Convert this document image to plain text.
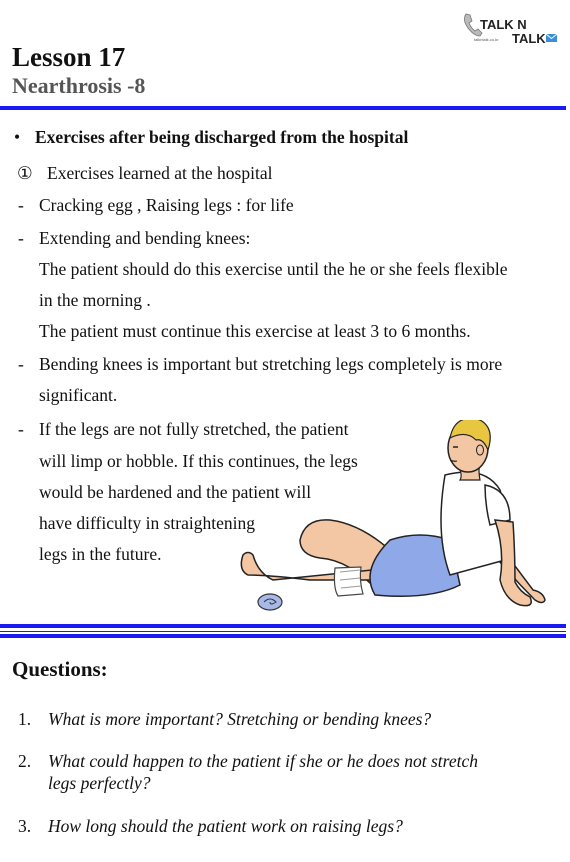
TALK N
TALK
talkntalk.co.kr
Lesson 17
Nearthrosis -8
• Exercises after being discharged from the hospital
① Exercises learned at the hospital
- Cracking egg , Raising legs : for life
- Extending and bending knees:
The patient should do this exercise until the he or she feels flexible
in the morning .
The patient must continue this exercise at least 3 to 6 months.
- Bending knees is important but stretching legs completely is more
significant.
- If the legs are not fully stretched, the patient
will limp or hobble. If this continues, the legs
would be hardened and the patient will
have difficulty in straightening
legs in the future.
Questions:
1. What is more important? Stretching or bending knees?
2. What could happen to the patient if she or he does not stretch
legs perfectly?
3. How long should the patient work on raising legs?
